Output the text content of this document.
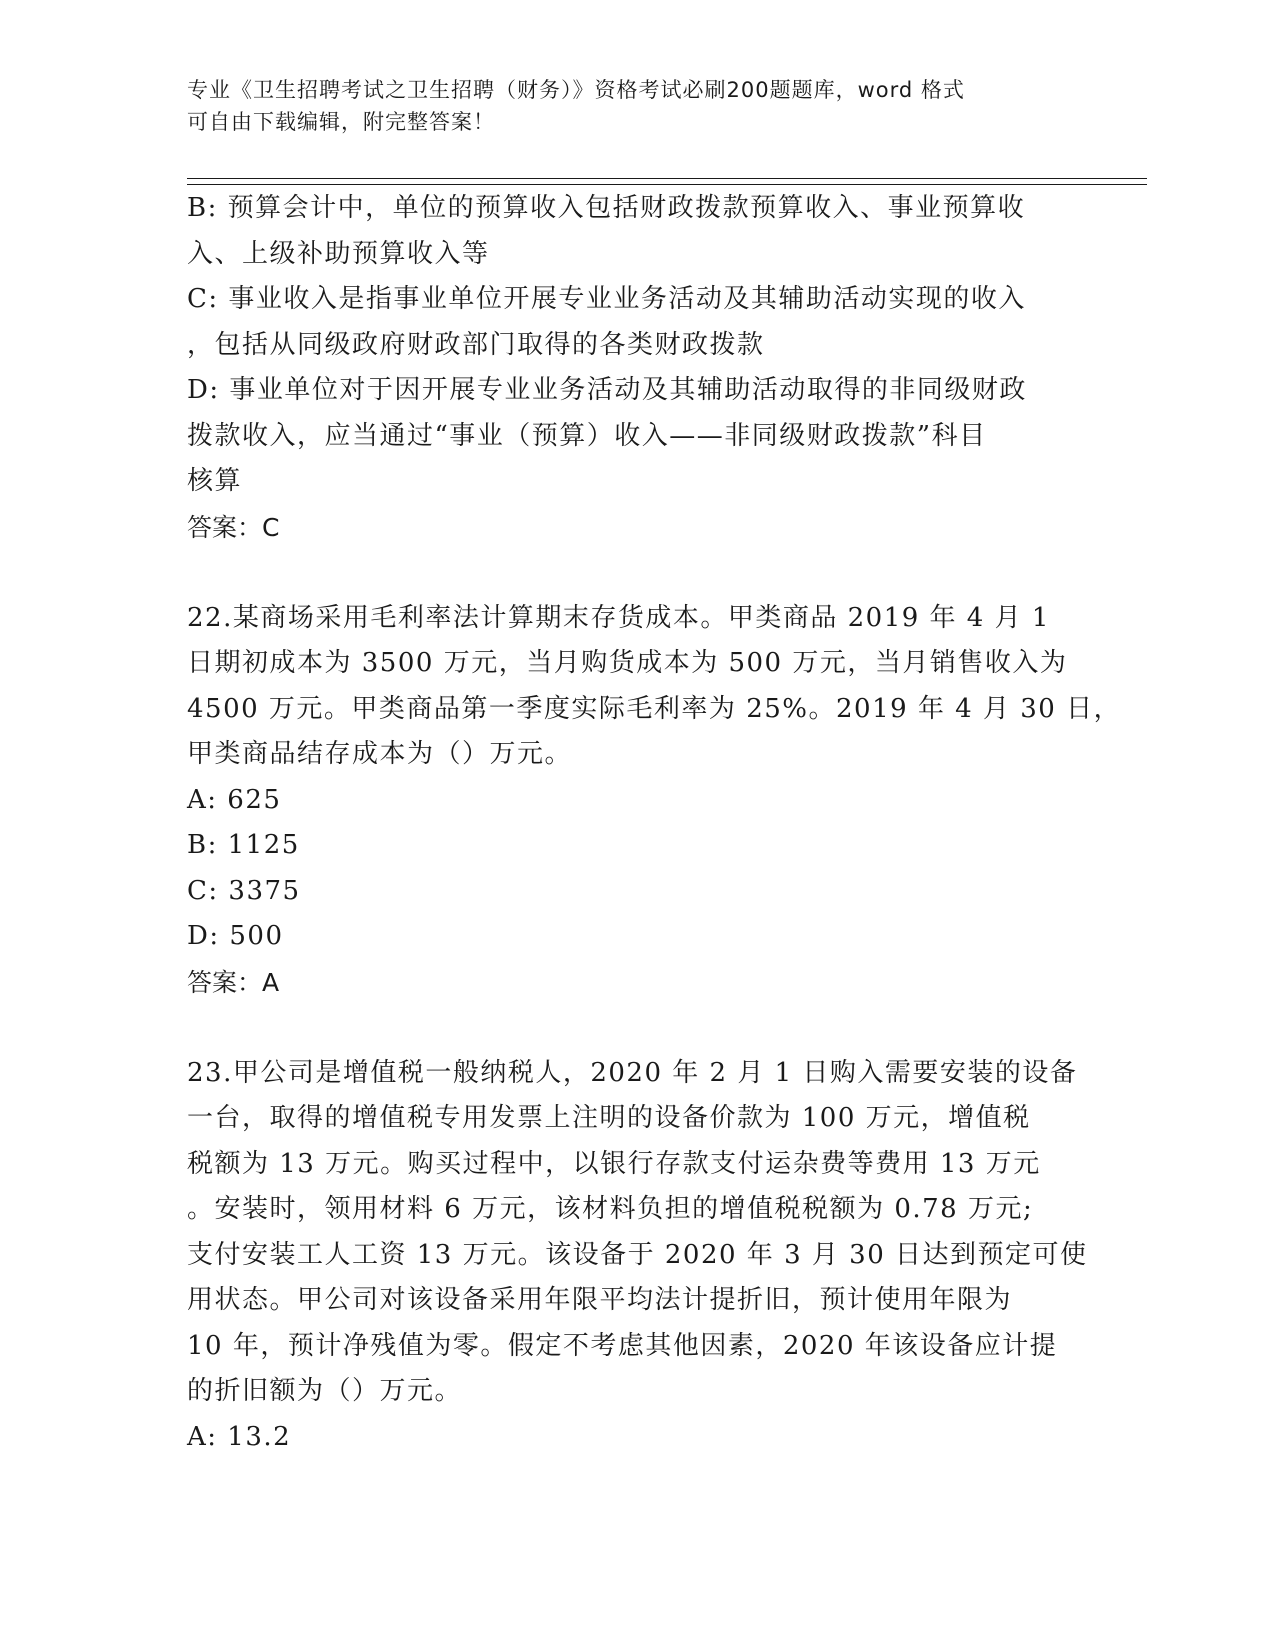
专业《卫生招聘考试之卫生招聘（财务）》资格考试必刷200题题库，word 格式
可自由下载编辑，附完整答案！
B: 预算会计中，单位的预算收入包括财政拨款预算收入、事业预算收
入、上级补助预算收入等
C: 事业收入是指事业单位开展专业业务活动及其辅助活动实现的收入
，包括从同级政府财政部门取得的各类财政拨款
D: 事业单位对于因开展专业业务活动及其辅助活动取得的非同级财政
拨款收入，应当通过“事业（预算）收入——非同级财政拨款”科目
核算
答案：C
22.某商场采用毛利率法计算期末存货成本。甲类商品 2019 年 4 月 1
日期初成本为 3500 万元，当月购货成本为 500 万元，当月销售收入为
4500 万元。甲类商品第一季度实际毛利率为 25%。2019 年 4 月 30 日，
甲类商品结存成本为（）万元。
A: 625
B: 1125
C: 3375
D: 500
答案：A
23.甲公司是增值税一般纳税人，2020 年 2 月 1 日购入需要安装的设备
一台，取得的增值税专用发票上注明的设备价款为 100 万元，增值税
税额为 13 万元。购买过程中，以银行存款支付运杂费等费用 13 万元
。安装时，领用材料 6 万元，该材料负担的增值税税额为 0.78 万元;
支付安装工人工资 13 万元。该设备于 2020 年 3 月 30 日达到预定可使
用状态。甲公司对该设备采用年限平均法计提折旧，预计使用年限为
10 年，预计净残值为零。假定不考虑其他因素，2020 年该设备应计提
的折旧额为（）万元。
A: 13.2
